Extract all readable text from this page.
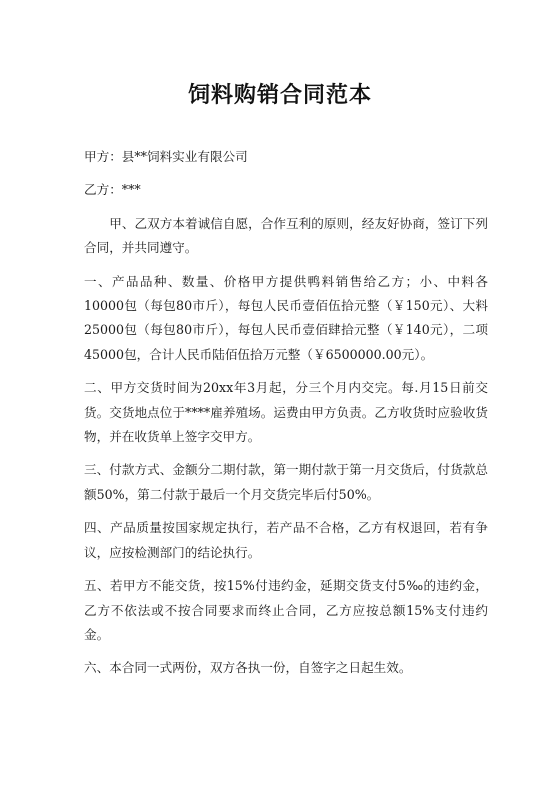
饲料购销合同范本

甲方：县**饲料实业有限公司

乙方：***

甲、乙双方本着诚信自愿，合作互利的原则，经友好协商，签订下列合同，并共同遵守。

一、产品品种、数量、价格甲方提供鸭料销售给乙方；小、中料各10000包（每包80市斤），每包人民币壹佰伍拾元整（￥150元）、大料25000包（每包80市斤），每包人民币壹佰肆拾元整（￥140元），二项45000包，合计人民币陆佰伍拾万元整（￥6500000.00元）。

二、甲方交货时间为20xx年3月起，分三个月内交完。每.月15日前交货。交货地点位于****雇养殖场。运费由甲方负责。乙方收货时应验收货物，并在收货单上签字交甲方。

三、付款方式、金额分二期付款，第一期付款于第一月交货后，付货款总额50%，第二付款于最后一个月交货完毕后付50%。

四、产品质量按国家规定执行，若产品不合格，乙方有权退回，若有争议，应按检测部门的结论执行。

五、若甲方不能交货，按15%付违约金，延期交货支付5‰的违约金，乙方不依法或不按合同要求而终止合同，乙方应按总额15%支付违约金。

六、本合同一式两份，双方各执一份，自签字之日起生效。
